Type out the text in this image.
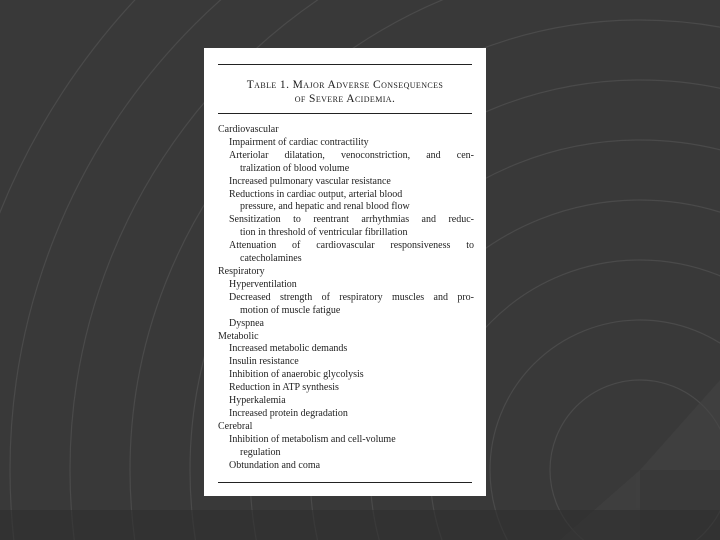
Table 1. Major Adverse Consequences
of Severe Acidemia.
Cardiovascular
Impairment of cardiac contractility
Arteriolar dilatation, venoconstriction, and cen-
tralization of blood volume
Increased pulmonary vascular resistance
Reductions in cardiac output, arterial blood
pressure, and hepatic and renal blood flow
Sensitization to reentrant arrhythmias and reduc-
tion in threshold of ventricular fibrillation
Attenuation of cardiovascular responsiveness to
catecholamines
Respiratory
Hyperventilation
Decreased strength of respiratory muscles and pro-
motion of muscle fatigue
Dyspnea
Metabolic
Increased metabolic demands
Insulin resistance
Inhibition of anaerobic glycolysis
Reduction in ATP synthesis
Hyperkalemia
Increased protein degradation
Cerebral
Inhibition of metabolism and cell-volume
regulation
Obtundation and coma
